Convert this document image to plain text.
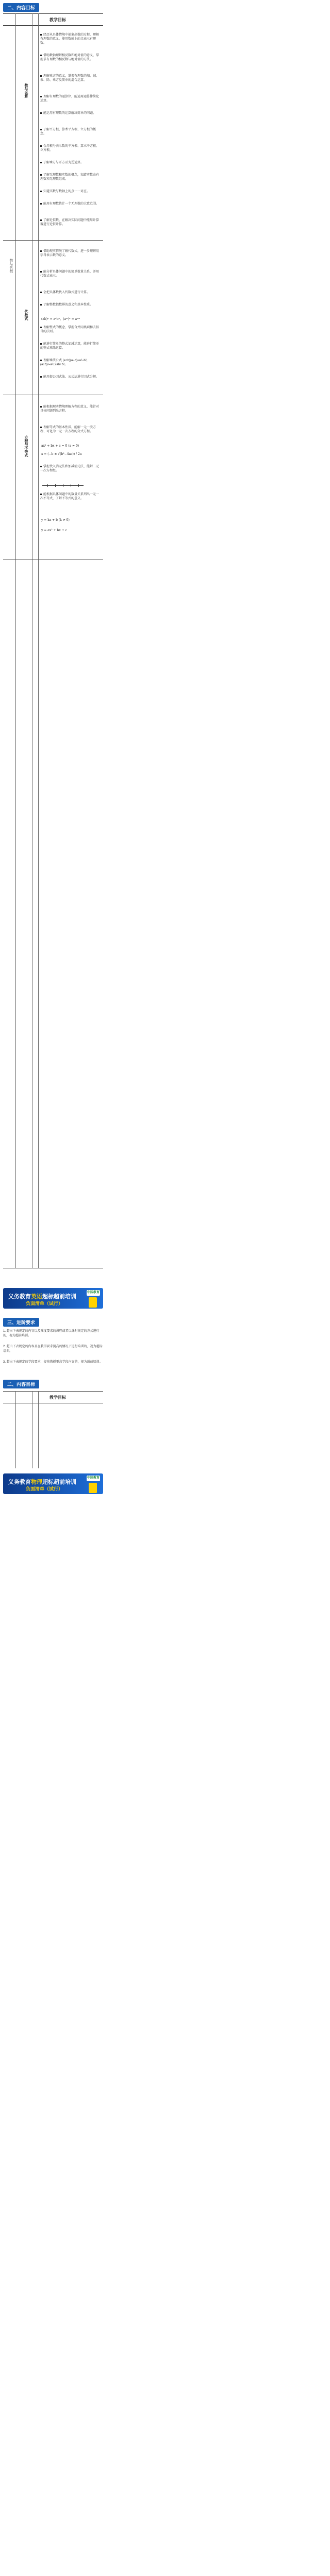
二、内容目标
教学目标
数与代数
数与运算
经历从具体情境中抽象出数的过程，理解有理数的意义，能用数轴上的点表示有理数。
借助数轴理解相反数和绝对值的意义，掌握求有理数的相反数与绝对值的方法。
理解乘方的意义，掌握有理数的加、减、乘、除、乘方及简单的混合运算。
理解有理数的运算律，能运用运算律简化运算。
能运用有理数的运算解决简单的问题。
了解平方根、算术平方根、立方根的概念。
会用根号表示数的平方根、算术平方根、立方根。
了解乘方与开方互为逆运算。
了解无理数和实数的概念，知道实数由有理数和无理数组成。
知道实数与数轴上的点一一对应。
能用有理数估计一个无理数的大致范围。
了解近似数，在解决实际问题中能用计算器进行近似计算。
代数式
借助现实情境了解代数式，进一步理解用字母表示数的意义。
能分析具体问题中的简单数量关系，并用代数式表示。
会把具体数代入代数式进行计算。
了解整数指数幂的意义和基本性质。
(ab)ⁿ = aⁿbⁿ，(aᵐ)ⁿ = aᵐⁿ
理解整式的概念，掌握合并同类项和去括号的法则。
能进行简单的整式加减运算，能进行简单的整式乘除运算。
理解乘法公式 (a+b)(a−b)=a²−b²，(a±b)²=a²±2ab+b²。
能用提公因式法、公式法进行因式分解。
方程与不等式
能根据现实情境理解方程的意义，能针对具体问题列出方程。
理解等式的基本性质，能解一元一次方程、可化为一元一次方程的分式方程。
ax² + bx + c = 0 (a ≠ 0)
x = (−b ± √(b²−4ac)) / 2a
掌握代入消元法和加减消元法，能解二元一次方程组。
能根据具体问题中的数量关系列出一元一次不等式，了解不等式的意义。
y = kx + b (k ≠ 0)
y = ax² + bx + c
义务教育英语超标超前培训
负面清单（试行）
中国教育
三、进阶要求
1. 超出下表规定的内容以及难度要求的课程或者以课时规定的方式进行的，视为超前培训。
2. 超出下表规定的内容且在教学要求提高的情况下进行培训的，视为超标培训。
3. 超出下表规定的学段要求，提前教授更高学段内容的，视为超前培训。
二、内容目标
教学目标
义务教育物理超标超前培训
负面清单（试行）
中国教育
